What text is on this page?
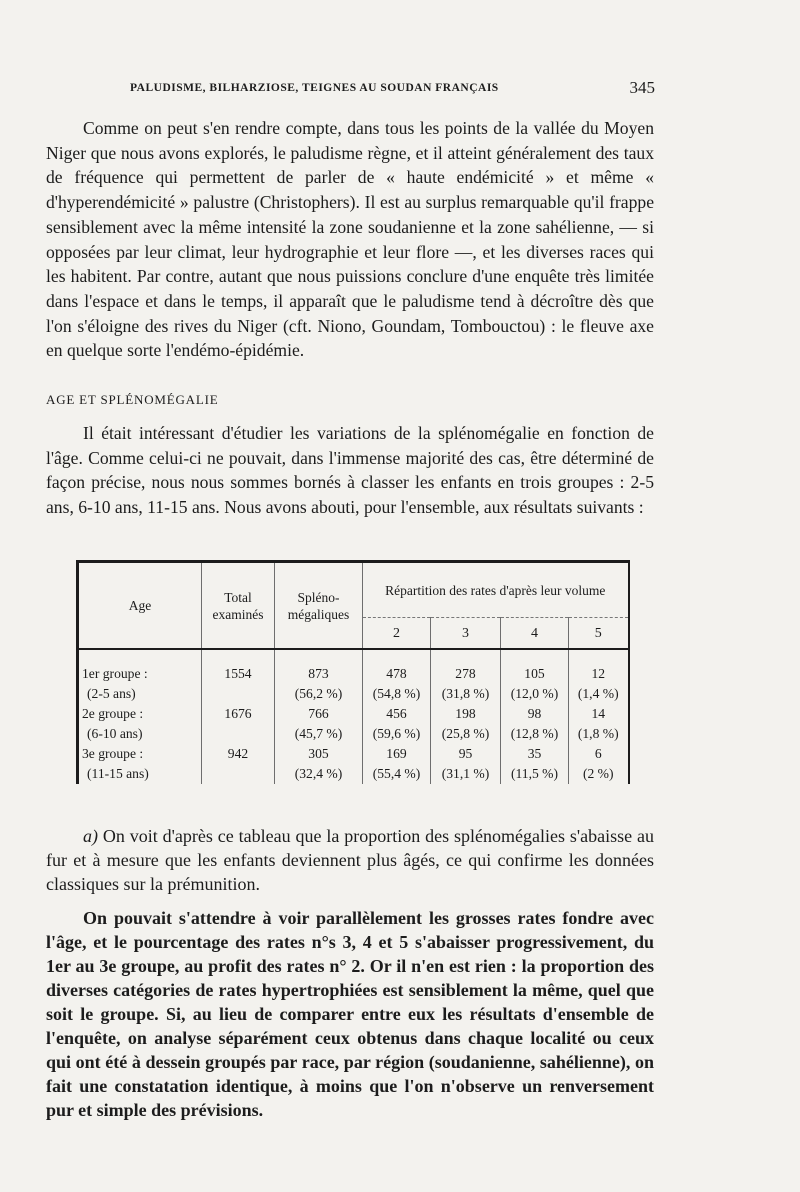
PALUDISME, BILHARZIOSE, TEIGNES AU SOUDAN FRANÇAIS	345

Comme on peut s'en rendre compte, dans tous les points de la vallée du Moyen Niger que nous avons explorés, le paludisme règne, et il atteint généralement des taux de fréquence qui permettent de parler de « haute endémicité » et même « d'hyperendémicité » palustre (Christophers). Il est au surplus remarquable qu'il frappe sensiblement avec la même intensité la zone soudanienne et la zone sahélienne, — si opposées par leur climat, leur hydrographie et leur flore —, et les diverses races qui les habitent. Par contre, autant que nous puissions conclure d'une enquête très limitée dans l'espace et dans le temps, il apparaît que le paludisme tend à décroître dès que l'on s'éloigne des rives du Niger (cft. Niono, Goundam, Tombouctou) : le fleuve axe en quelque sorte l'endémo-épidémie.

AGE ET SPLÉNOMÉGALIE

Il était intéressant d'étudier les variations de la splénomégalie en fonction de l'âge. Comme celui-ci ne pouvait, dans l'immense majorité des cas, être déterminé de façon précise, nous nous sommes bornés à classer les enfants en trois groupes : 2-5 ans, 6-10 ans, 11-15 ans. Nous avons abouti, pour l'ensemble, aux résultats suivants :

Age	Total examinés	Spléno-mégaliques	Répartition des rates d'après leur volume			
			2	3	4	5

1er groupe :	1554	873	478	278	105	12
(2-5 ans)		(56,2 %)	(54,8 %)	(31,8 %)	(12,0 %)	(1,4 %)
2e groupe :	1676	766	456	198	98	14
(6-10 ans)		(45,7 %)	(59,6 %)	(25,8 %)	(12,8 %)	(1,8 %)
3e groupe :	942	305	169	95	35	6
(11-15 ans)		(32,4 %)	(55,4 %)	(31,1 %)	(11,5 %)	(2 %)

a) On voit d'après ce tableau que la proportion des splénomégalies s'abaisse au fur et à mesure que les enfants deviennent plus âgés, ce qui confirme les données classiques sur la prémunition.

On pouvait s'attendre à voir parallèlement les grosses rates fondre avec l'âge, et le pourcentage des rates n°s 3, 4 et 5 s'abaisser progressivement, du 1er au 3e groupe, au profit des rates n° 2. Or il n'en est rien : la proportion des diverses catégories de rates hypertrophiées est sensiblement la même, quel que soit le groupe. Si, au lieu de comparer entre eux les résultats d'ensemble de l'enquête, on analyse séparément ceux obtenus dans chaque localité ou ceux qui ont été à dessein groupés par race, par région (soudanienne, sahélienne), on fait une constatation identique, à moins que l'on n'observe un renversement pur et simple des prévisions.
